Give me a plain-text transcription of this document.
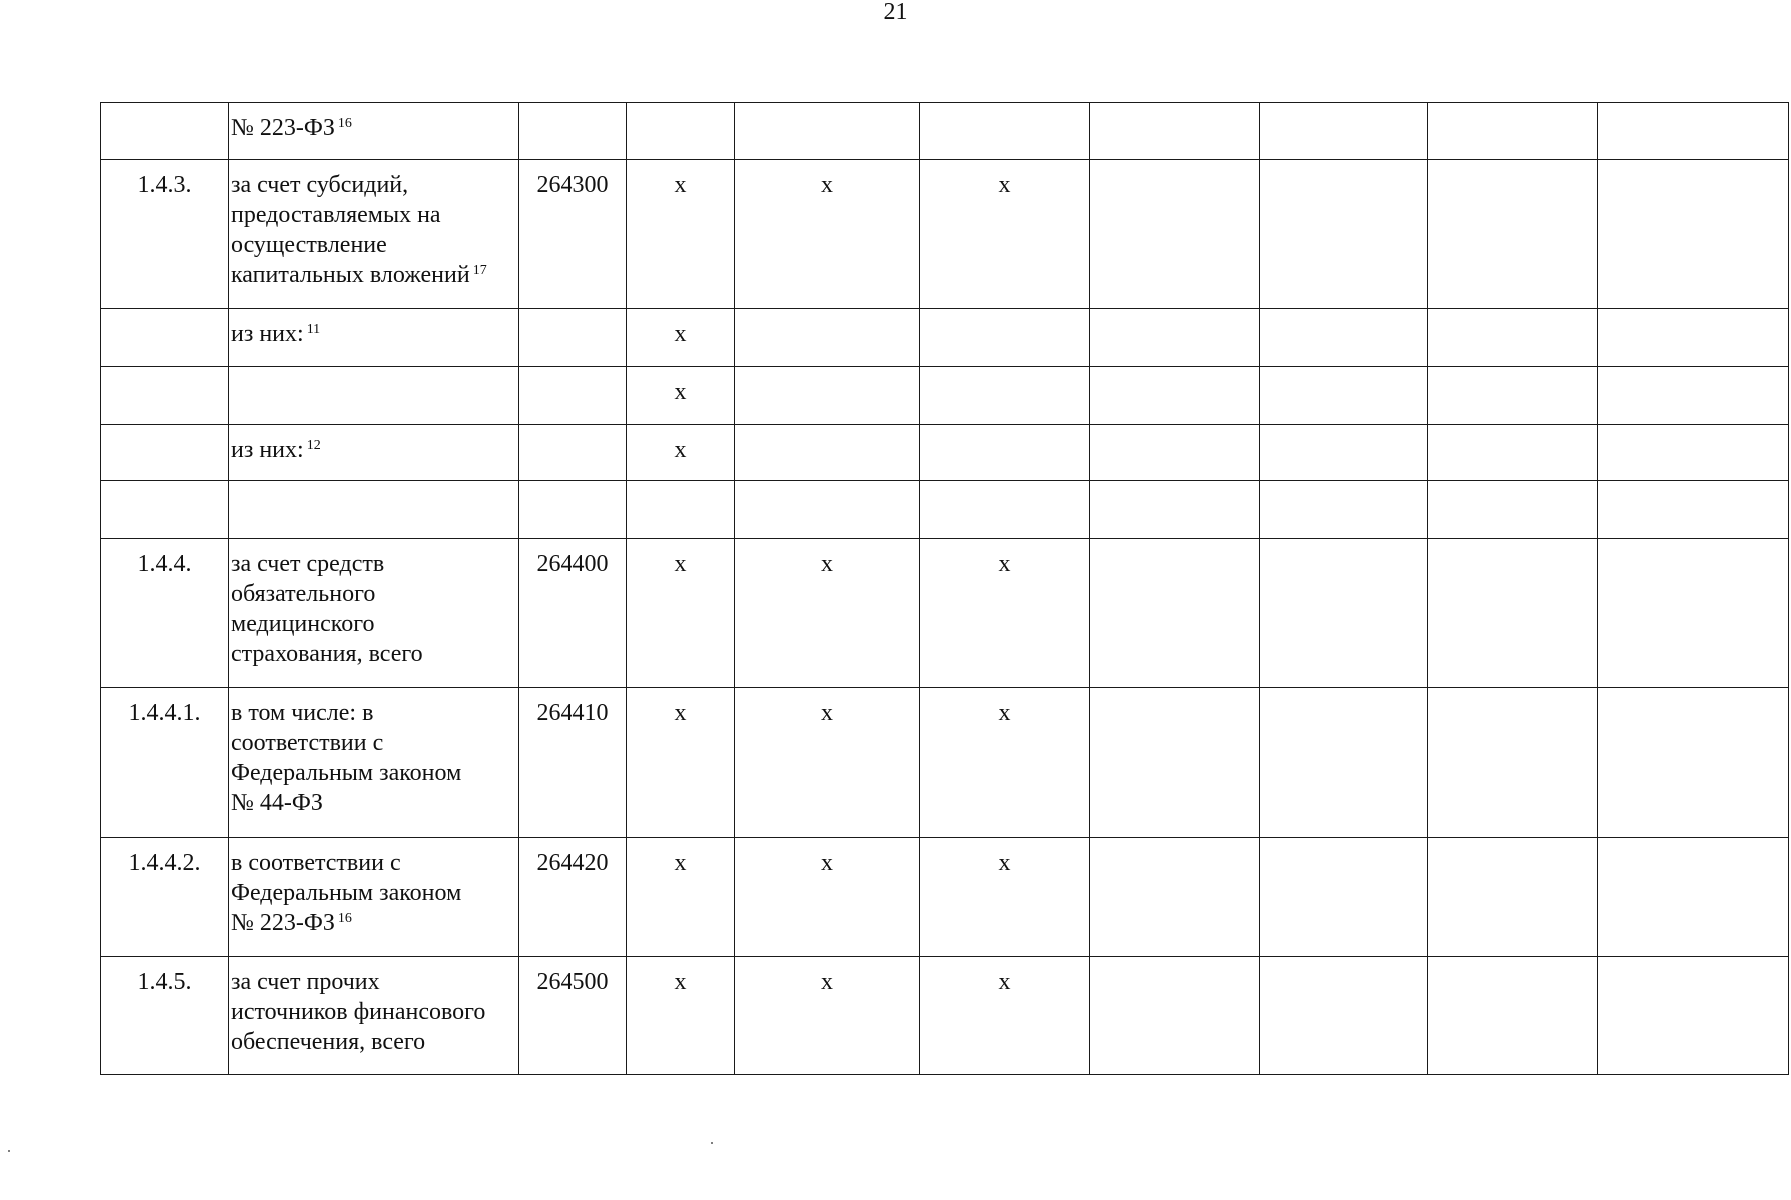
21
	№ 223-ФЗ $^{16}$									
1.4.3.	за счет субсидий,
предоставляемых на
осуществление
капитальных вложений $^{17}$	264300	x	x	x					
	из них: $^{11}$		x							
			x							
	из них: $^{12}$		x							

1.4.4.	за счет средств
обязательного
медицинского
страхования, всего	264400	x	x	x					
1.4.4.1.	в том числе: в
соответствии с
Федеральным законом
№ 44-ФЗ	264410	x	x	x					
1.4.4.2.	в соответствии с
Федеральным законом
№ 223-ФЗ $^{16}$	264420	x	x	x					
1.4.5.	за счет прочих
источников финансового
обеспечения, всего	264500	x	x	x					
